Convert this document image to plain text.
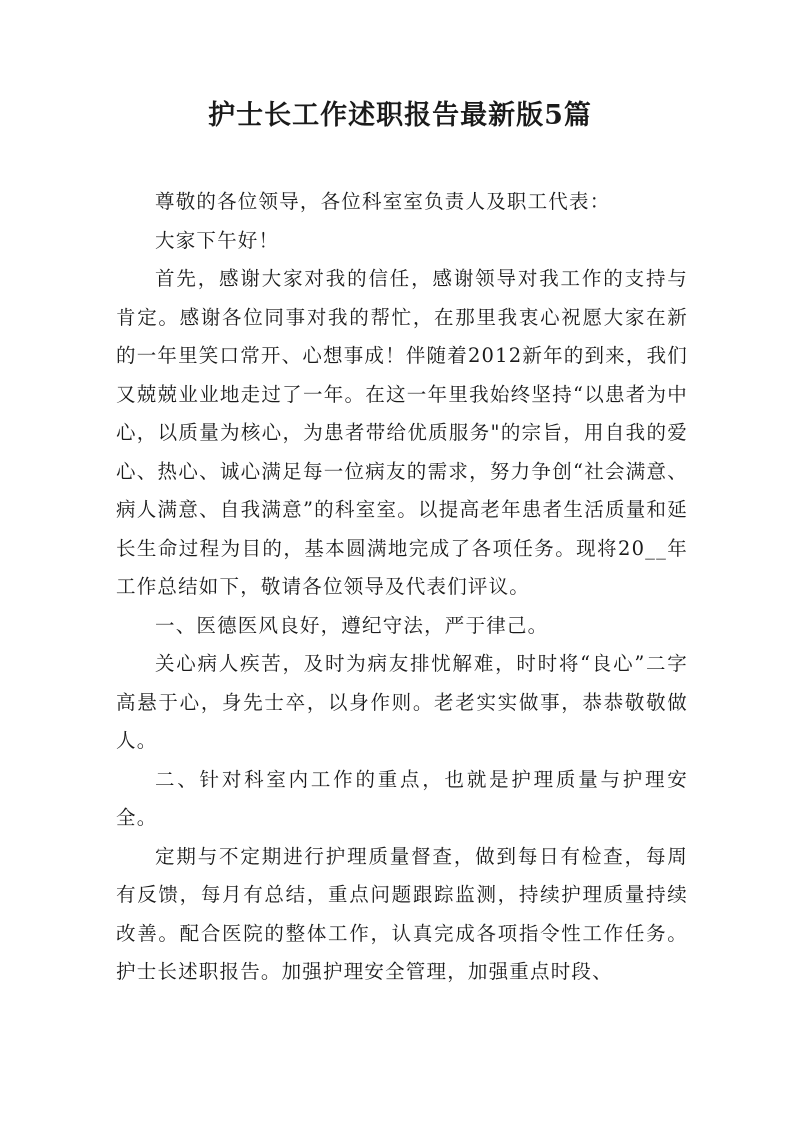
护士长工作述职报告最新版5篇

尊敬的各位领导，各位科室室负责人及职工代表：

大家下午好！

首先，感谢大家对我的信任，感谢领导对我工作的支持与肯定。感谢各位同事对我的帮忙，在那里我衷心祝愿大家在新的一年里笑口常开、心想事成！伴随着2012新年的到来，我们又兢兢业业地走过了一年。在这一年里我始终坚持“以患者为中心，以质量为核心，为患者带给优质服务"的宗旨，用自我的爱心、热心、诚心满足每一位病友的需求，努力争创“社会满意、病人满意、自我满意”的科室室。以提高老年患者生活质量和延长生命过程为目的，基本圆满地完成了各项任务。现将20__年工作总结如下，敬请各位领导及代表们评议。

一、医德医风良好，遵纪守法，严于律己。

关心病人疾苦，及时为病友排忧解难，时时将“良心”二字高悬于心，身先士卒，以身作则。老老实实做事，恭恭敬敬做人。

二、针对科室内工作的重点，也就是护理质量与护理安全。

定期与不定期进行护理质量督查，做到每日有检查，每周有反馈，每月有总结，重点问题跟踪监测，持续护理质量持续改善。配合医院的整体工作，认真完成各项指令性工作任务。护士长述职报告。加强护理安全管理，加强重点时段、
